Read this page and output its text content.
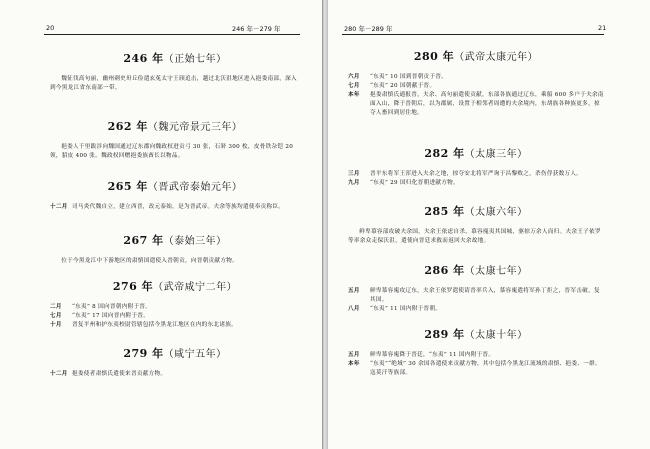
20	246 年－279 年
246 年（正始七年）
魏征伐高句丽，幽州刺史毌丘俭遣玄菟太守王颀追击，越过北沃沮地区进入挹娄南部，深入到今黑龙江省东南部一带。
262 年（魏元帝景元三年）
挹娄人千里跋涉向魏国通过辽东郡向魏政权进贡弓 30 张，石砮 300 枚，皮骨铁杂铠 20 领，貂皮 400 张。魏政权回赠挹娄族酋长以物品。
265 年（晋武帝泰始元年）
十二月 司马炎代魏自立，建立西晋，改元泰始。是为晋武帝。夫余等族均遣使奉贡称臣。
267 年（泰始三年）
位于今黑龙江中下游地区的肃慎国遣使入晋朝贡，向晋朝贡献方物。
276 年（武帝咸宁二年）
二月	“东夷” 8 国向晋朝内附于晋。
七月	“东夷” 17 国向晋内附于晋。
十月	晋复平州和护东夷校尉管辖包括今黑龙江地区在内的东北诸族。
279 年（咸宁五年）
十二月 挹娄使者肃慎氏遣使来晋贡献方物。
280 年－289 年	21
280 年（武帝太康元年）
六月	“东夷” 10 国到晋朝贡于晋。
七月	“东夷” 20 国朝献于晋。
本年	挹娄肃慎氏通报晋，夫余、高句丽遣使贡献，东部各族通过辽东，乘船 600 多户于夫余南面入山，降于晋朝后，以为郡属，设置于相邻者周遭的夫余境内，东胡族各种族更多，掠夺人畜回到居住地。
282 年（太康三年）
三月	晋平东将军王浑进入夫余之地，掠夺安北将军严询于昌黎败之，杀伤俘获数万人。
九月	“东夷” 29 国归化晋朝进献方物。
285 年（太康六年）
鲜卑慕容部攻破夫余国，夫余王依虑自杀，慕容廆夷其国城，驱掠万余人而归。夫余王子依罗等率余众走保沃沮，遣使向晋廷求救而返回夫余故地。
286 年（太康七年）
五月	鲜卑慕容廆攻辽东，夫余王依罗遣使请晋率兵入，慕容廆遣将军孙丁拒之，晋军击破，复其国。
八月	“东夷” 11 国内附于晋朝。
289 年（太康十年）
五月	鲜卑慕容廆降于晋廷，“东夷” 11 国内附于晋。
本年	“东夷”“绝域” 30 余国各遣使来贡献方物，其中包括今黑龙江流域的肃慎、挹娄、一群、寇莫汗等族部。
